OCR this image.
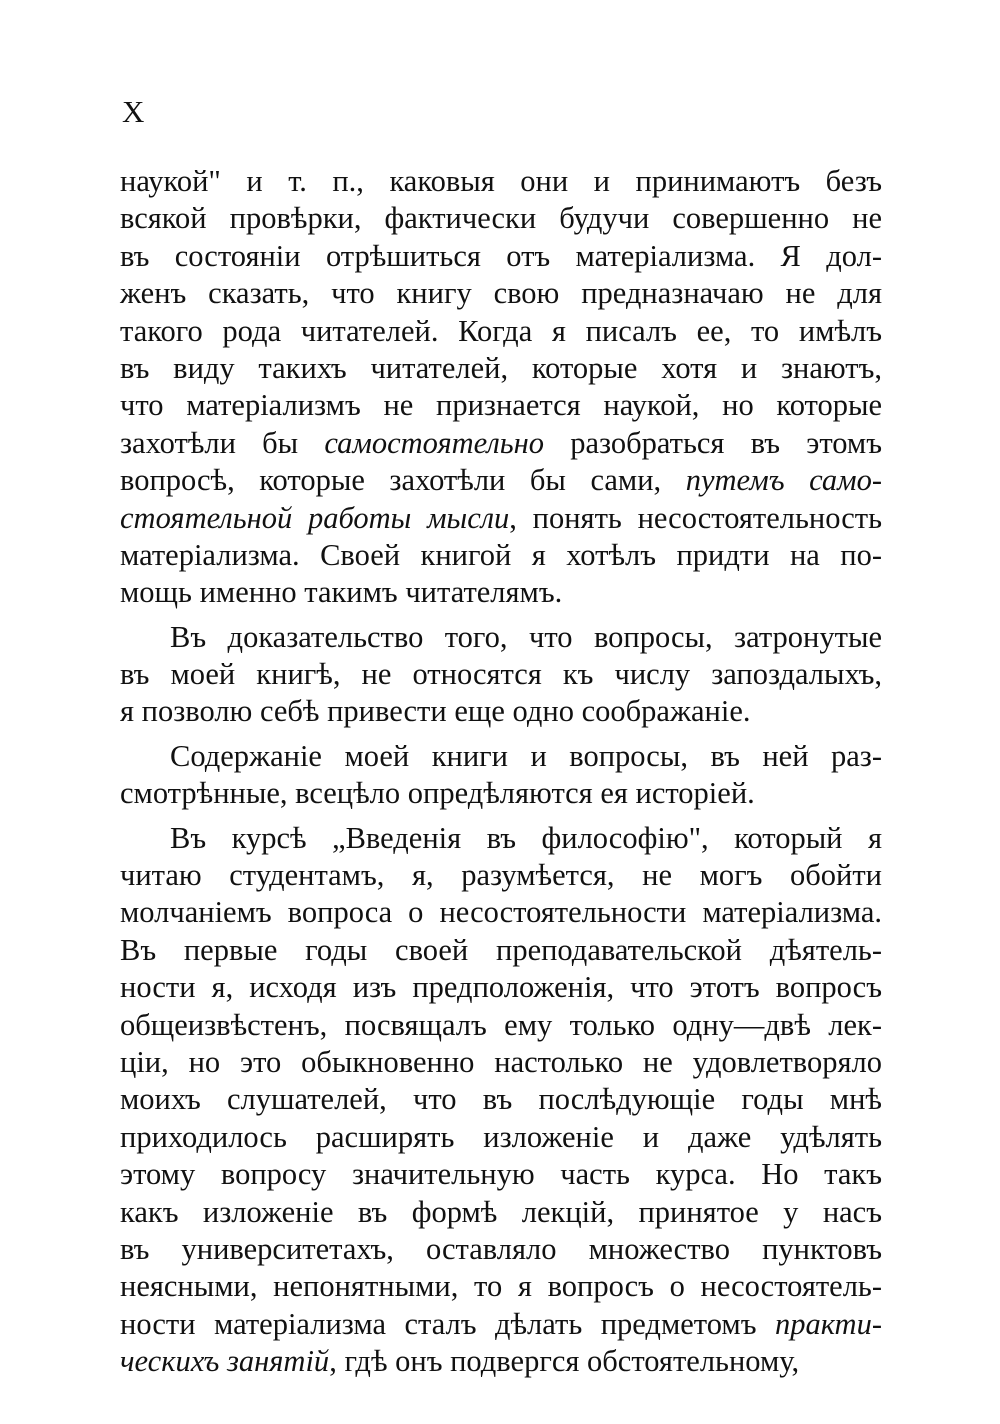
X
наукой" и т. п., каковыя они и принимаютъ безъ
всякой провѣрки, фактически будучи совершенно не
въ состояніи отрѣшиться отъ матеріализма. Я дол-
женъ сказать, что книгу свою предназначаю не для
такого рода читателей. Когда я писалъ ее, то имѣлъ
въ виду такихъ читателей, которые хотя и знаютъ,
что матеріализмъ не признается наукой, но которые
захотѣли бы самостоятельно разобраться въ этомъ
вопросѣ, которые захотѣли бы сами, путемъ само-
стоятельной работы мысли, понять несостоятельность
матеріализма. Своей книгой я хотѣлъ придти на по-
мощь именно такимъ читателямъ.
Въ доказательство того, что вопросы, затронутые
въ моей книгѣ, не относятся къ числу запоздалыхъ,
я позволю себѣ привести еще одно соображаніе.
Содержаніе моей книги и вопросы, въ ней раз-
смотрѣнные, всецѣло опредѣляются ея исторіей.
Въ курсѣ „Введенія въ философію", который я
читаю студентамъ, я, разумѣется, не могъ обойти
молчаніемъ вопроса о несостоятельности матеріализма.
Въ первые годы своей преподавательской дѣятель-
ности я, исходя изъ предположенія, что этотъ вопросъ
общеизвѣстенъ, посвящалъ ему только одну—двѣ лек-
ціи, но это обыкновенно настолько не удовлетворяло
моихъ слушателей, что въ послѣдующіе годы мнѣ
приходилось расширять изложеніе и даже удѣлять
этому вопросу значительную часть курса. Но такъ
какъ изложеніе въ формѣ лекцій, принятое у насъ
въ университетахъ, оставляло множество пунктовъ
неясными, непонятными, то я вопросъ о несостоятель-
ности матеріализма сталъ дѣлать предметомъ практи-
ческихъ занятій, гдѣ онъ подвергся обстоятельному,
